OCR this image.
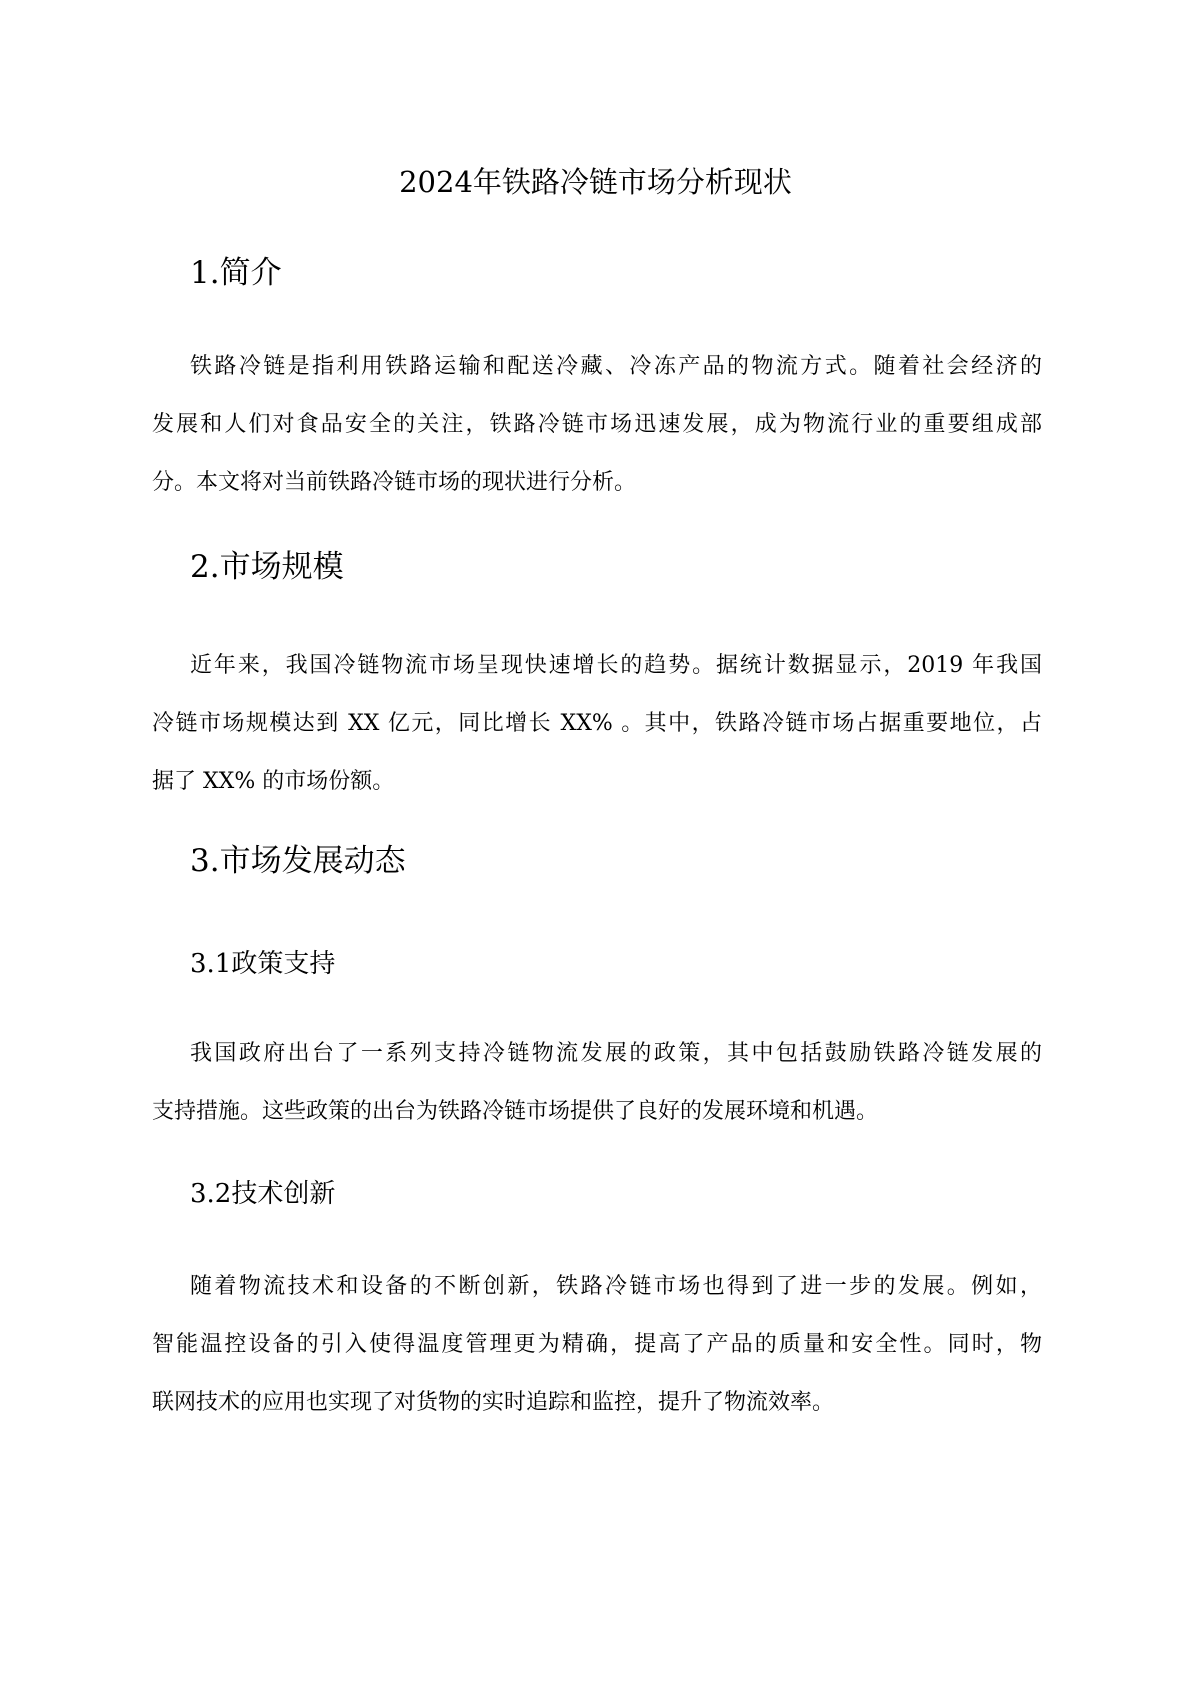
2024年铁路冷链市场分析现状
1.简介
铁路冷链是指利用铁路运输和配送冷藏、冷冻产品的物流方式。随着社会经济的
发展和人们对食品安全的关注，铁路冷链市场迅速发展，成为物流行业的重要组成部
分。本文将对当前铁路冷链市场的现状进行分析。
2.市场规模
近年来，我国冷链物流市场呈现快速增长的趋势。据统计数据显示，2019 年我国
冷链市场规模达到 XX 亿元，同比增长 XX% 。其中，铁路冷链市场占据重要地位，占
据了 XX% 的市场份额。
3.市场发展动态
3.1政策支持
我国政府出台了一系列支持冷链物流发展的政策，其中包括鼓励铁路冷链发展的
支持措施。这些政策的出台为铁路冷链市场提供了良好的发展环境和机遇。
3.2技术创新
随着物流技术和设备的不断创新，铁路冷链市场也得到了进一步的发展。例如，
智能温控设备的引入使得温度管理更为精确，提高了产品的质量和安全性。同时，物
联网技术的应用也实现了对货物的实时追踪和监控，提升了物流效率。
